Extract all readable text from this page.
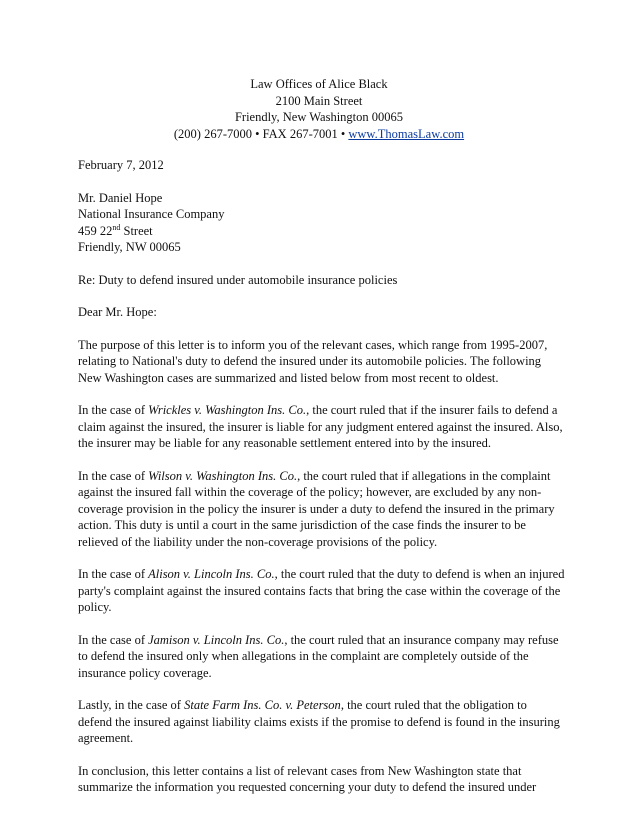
Law Offices of Alice Black
2100 Main Street
Friendly, New Washington 00065
(200) 267-7000 • FAX 267-7001 • www.ThomasLaw.com
February 7, 2012
Mr. Daniel Hope
National Insurance Company
459 22nd Street
Friendly, NW 00065
Re: Duty to defend insured under automobile insurance policies
Dear Mr. Hope:
The purpose of this letter is to inform you of the relevant cases, which range from 1995-2007,
relating to National's duty to defend the insured under its automobile policies. The following
New Washington cases are summarized and listed below from most recent to oldest.
In the case of Wrickles v. Washington Ins. Co., the court ruled that if the insurer fails to defend a
claim against the insured, the insurer is liable for any judgment entered against the insured. Also,
the insurer may be liable for any reasonable settlement entered into by the insured.
In the case of Wilson v. Washington Ins. Co., the court ruled that if allegations in the complaint
against the insured fall within the coverage of the policy; however, are excluded by any non-
coverage provision in the policy the insurer is under a duty to defend the insured in the primary
action. This duty is until a court in the same jurisdiction of the case finds the insurer to be
relieved of the liability under the non-coverage provisions of the policy.
In the case of Alison v. Lincoln Ins. Co., the court ruled that the duty to defend is when an injured
party's complaint against the insured contains facts that bring the case within the coverage of the
policy.
In the case of Jamison v. Lincoln Ins. Co., the court ruled that an insurance company may refuse
to defend the insured only when allegations in the complaint are completely outside of the
insurance policy coverage.
Lastly, in the case of State Farm Ins. Co. v. Peterson, the court ruled that the obligation to
defend the insured against liability claims exists if the promise to defend is found in the insuring
agreement.
In conclusion, this letter contains a list of relevant cases from New Washington state that
summarize the information you requested concerning your duty to defend the insured under
